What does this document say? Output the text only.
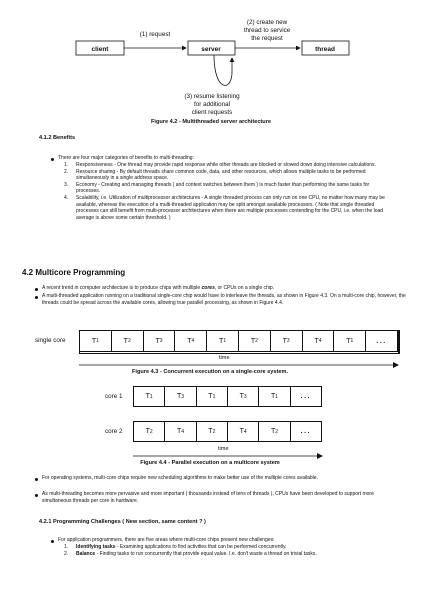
client	server	thread
(1) request
(2) create new
thread to service
the request
(3) resume listening
for additional
client requests
Figure 4.2 - Multithreaded server architecture
4.1.2 Benefits
There are four major categories of benefits to multi-threading:
1. Responsiveness - One thread may provide rapid response while other threads are blocked or slowed down doing intensive calculations.
2. Resource sharing - By default threads share common code, data, and other resources, which allows multiple tasks to be performed simultaneously in a single address space.
3. Economy - Creating and managing threads ( and context switches between them ) is much faster than performing the same tasks for processes.
4. Scalability, i.e. Utilization of multiprocessor architectures - A single threaded process can only run on one CPU, no matter how many may be available, whereas the execution of a multi-threaded application may be split amongst available processors. ( Note that single threaded processes can still benefit from multi-processor architectures when there are multiple processes contending for the CPU, i.e. when the load average is above some certain threshold. )
4.2 Multicore Programming
A recent trend in computer architecture is to produce chips with multiple cores, or CPUs on a single chip.
A multi-threaded application running on a traditional single-core chip would have to interleave the threads, as shown in Figure 4.3. On a multi-core chip, however, the threads could be spread across the available cores, allowing true parallel processing, as shown in Figure 4.4.
single core	T 1	T 2	T 3	T 4	T 1	T 2	T 3	T 4	T 1	...
time
Figure 4.3 - Concurrent execution on a single-core system.
core 1	T 1	T 3	T 1	T 3	T 1	...
core 2	T 2	T 4	T 2	T 4	T 2	...
time
Figure 4.4 - Parallel execution on a multicore system
For operating systems, multi-core chips require new scheduling algorithms to make better use of the multiple cores available.
As multi-threading becomes more pervasive and more important ( thousands instead of tens of threads ), CPUs have been developed to support more simultaneous threads per core in hardware.
4.2.1 Programming Challenges ( New section, same content ? )
For application programmers, there are five areas where multi-core chips present new challenges:
1. Identifying tasks - Examining applications to find activities that can be performed concurrently.
2. Balance - Finding tasks to run concurrently that provide equal value. I.e. don't waste a thread on trivial tasks.
